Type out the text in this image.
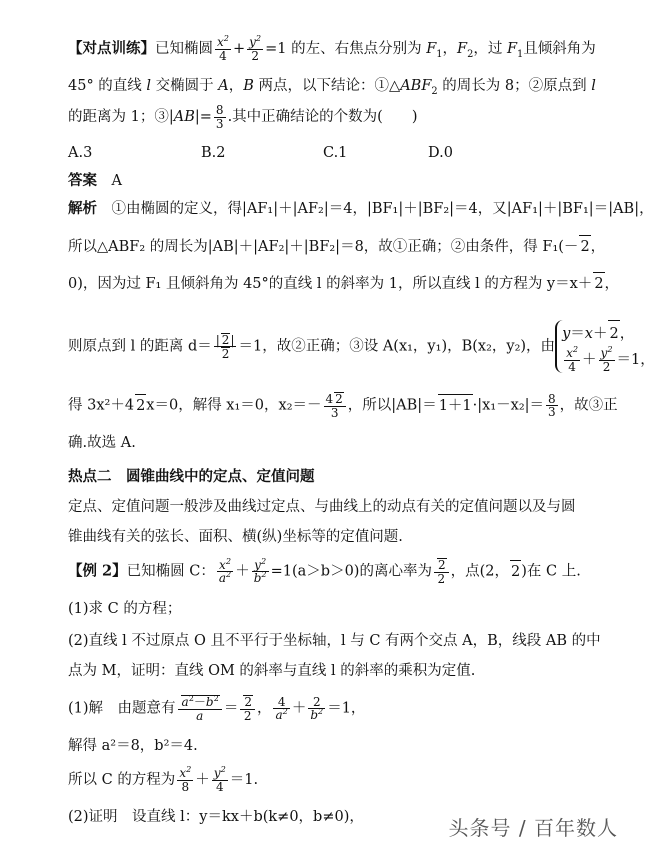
【对点训练】已知椭圆 $\frac{x^2}{4} + \frac{y^2}{2} =1$ 的左、右焦点分别为 $F_1$，$F_2$，过 $F_1$且倾斜角为
45° 的直线 l 交椭圆于 A，B 两点，以下结论：$①\triangle ABF_2$ 的周长为 8；②原点到 l
的距离为 1；③|AB|= $\frac{8}{3}$ .其中正确结论的个数为(　　)
A.3	B.2	C.1	D.0
答案　 A
解析　 ①由椭圆的定义，得|AF₁|＋|AF₂|＝4，|BF₁|＋|BF₂|＝4，又|AF₁|＋|BF₁|＝|AB|，
所以△ABF₂ 的周长为|AB|＋|AF₂|＋|BF₂|＝8，故①正确；②由条件，得 F₁(－ 2，
0)，因为过 F₁ 且倾斜角为 45°的直线 l 的斜率为 1，所以直线 l 的方程为 y＝x＋ 2，
则原点到 l 的距离 $d= \frac{| 2|}{2} =1$，故②正确；③设 A(x₁，y₁)，B(x₂，y₂)，由
y＝x＋ 2，
$\frac{x^2}{4} + \frac{y^2}{2} =1$，
得 3x²＋4 2x＝0，解得 x₁＝0，$x_2=- \frac{4 2}{3}$ ，所以$|AB|= 1+1\cdot|x_1-x_2|= \frac{8}{3}$ ，故③正
确.故选 A.
热点二　圆锥曲线中的定点、定值问题
定点、定值问题一般涉及曲线过定点、与曲线上的动点有关的定值问题以及与圆
锥曲线有关的弦长、面积、横(纵)坐标等的定值问题.
【例 2】已知椭圆 C： $\frac{x^2}{a^2} + \frac{y^2}{b^2} =1(a>b>0)$的离心率为 $\frac{2}{2}$ ，点(2， 2)在 C 上.
(1)求 C 的方程；
(2)直线 l 不过原点 O 且不平行于坐标轴，l 与 C 有两个交点 A，B，线段 AB 的中
点为 M，证明：直线 OM 的斜率与直线 l 的斜率的乘积为定值.
(1)解　由题意有 $\frac{a^2-b^2}{a} = \frac{2}{2}$ ， $\frac{4}{a^2} + \frac{2}{b^2} =1$，
解得 a²＝8，b²＝4.
所以 C 的方程为 $\frac{x^2}{8} + \frac{y^2}{4} =1$.
(2)证明　设直线 l：y＝kx＋b(k≠0，b≠0)，	头条号 / 百年数人
